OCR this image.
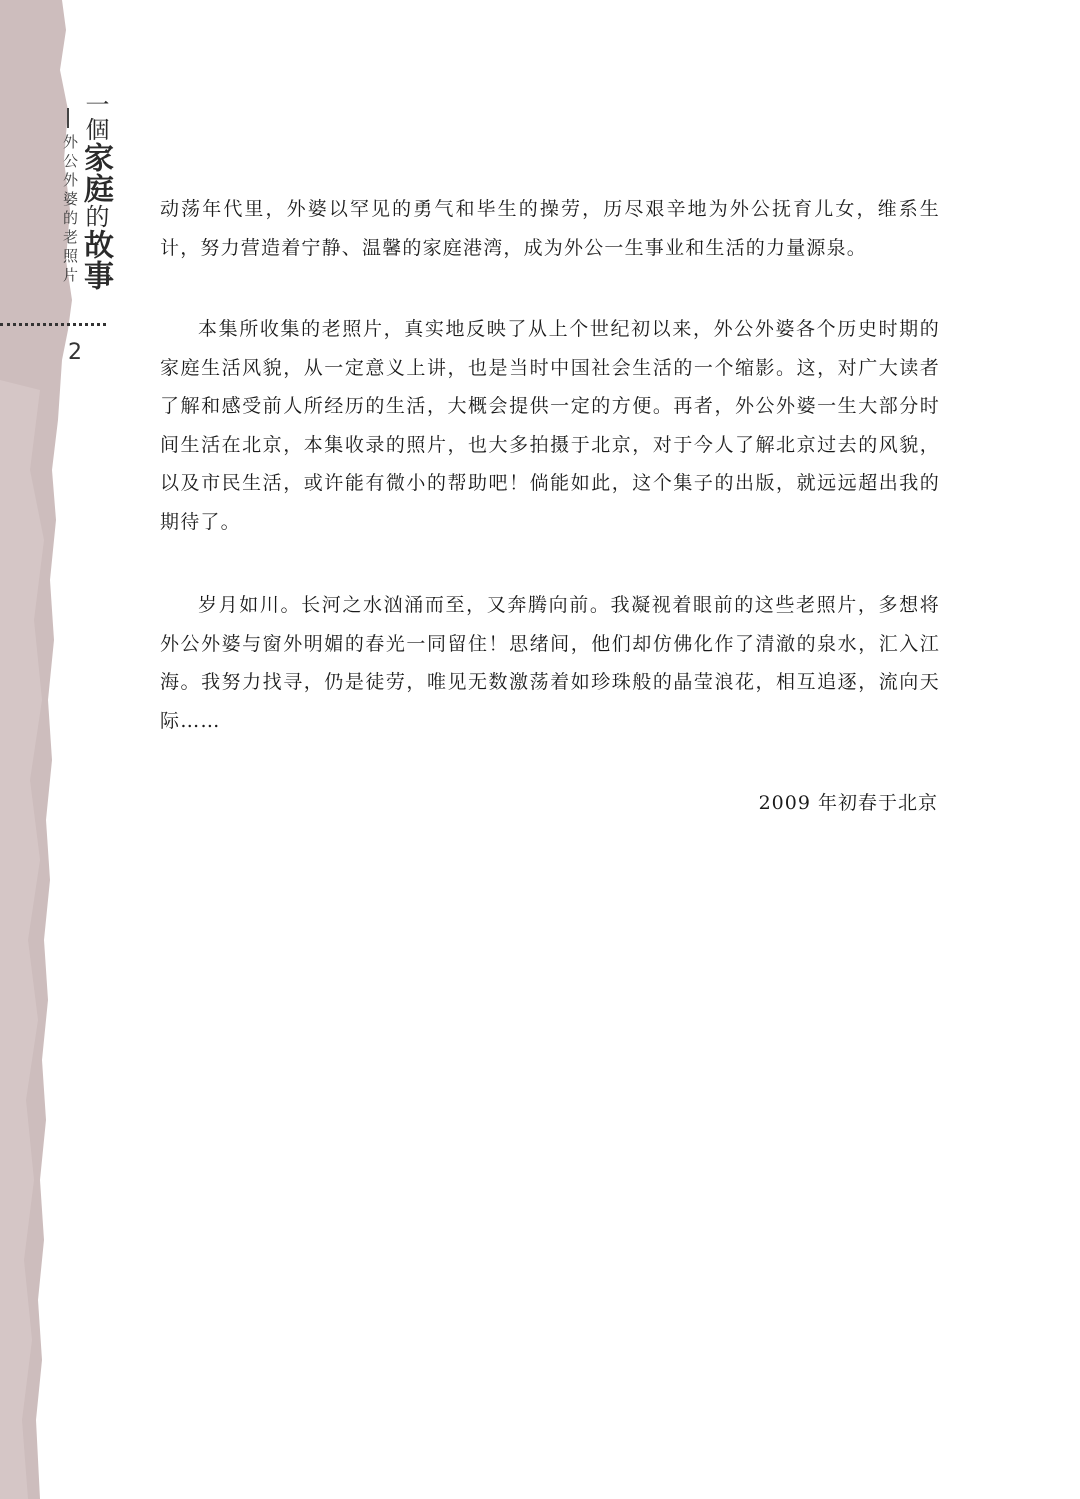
一個家庭的故事
外公外婆的老照片
2

动荡年代里，外婆以罕见的勇气和毕生的操劳，历尽艰辛地为外公抚育儿女，维系生计，努力营造着宁静、温馨的家庭港湾，成为外公一生事业和生活的力量源泉。

本集所收集的老照片，真实地反映了从上个世纪初以来，外公外婆各个历史时期的家庭生活风貌，从一定意义上讲，也是当时中国社会生活的一个缩影。这，对广大读者了解和感受前人所经历的生活，大概会提供一定的方便。再者，外公外婆一生大部分时间生活在北京，本集收录的照片，也大多拍摄于北京，对于今人了解北京过去的风貌，以及市民生活，或许能有微小的帮助吧！倘能如此，这个集子的出版，就远远超出我的期待了。

岁月如川。长河之水汹涌而至，又奔腾向前。我凝视着眼前的这些老照片，多想将外公外婆与窗外明媚的春光一同留住！思绪间，他们却仿佛化作了清澈的泉水，汇入江海。我努力找寻，仍是徒劳，唯见无数激荡着如珍珠般的晶莹浪花，相互追逐，流向天际……

2009 年初春于北京
